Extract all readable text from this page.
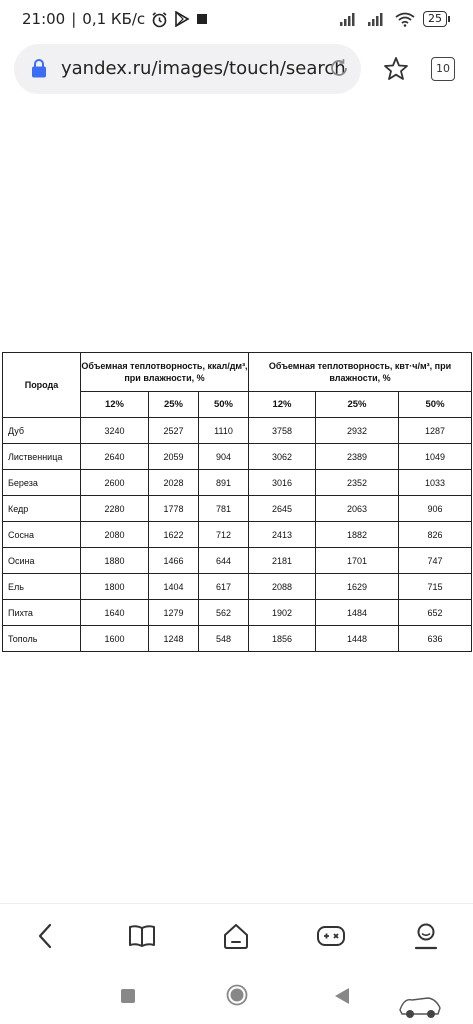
21:00 | 0,1 КБ/с	25
yandex.ru/images/touch/search	10
Порода	Объемная теплотворность, ккал/дм³, при влажности, %			Объемная теплотворность, квт·ч/м³, при влажности, %		
	12%	25%	50%	12%	25%	50%
Дуб	3240	2527	1110	3758	2932	1287
Лиственница	2640	2059	904	3062	2389	1049
Береза	2600	2028	891	3016	2352	1033
Кедр	2280	1778	781	2645	2063	906
Сосна	2080	1622	712	2413	1882	826
Осина	1880	1466	644	2181	1701	747
Ель	1800	1404	617	2088	1629	715
Пихта	1640	1279	562	1902	1484	652
Тополь	1600	1248	548	1856	1448	636
